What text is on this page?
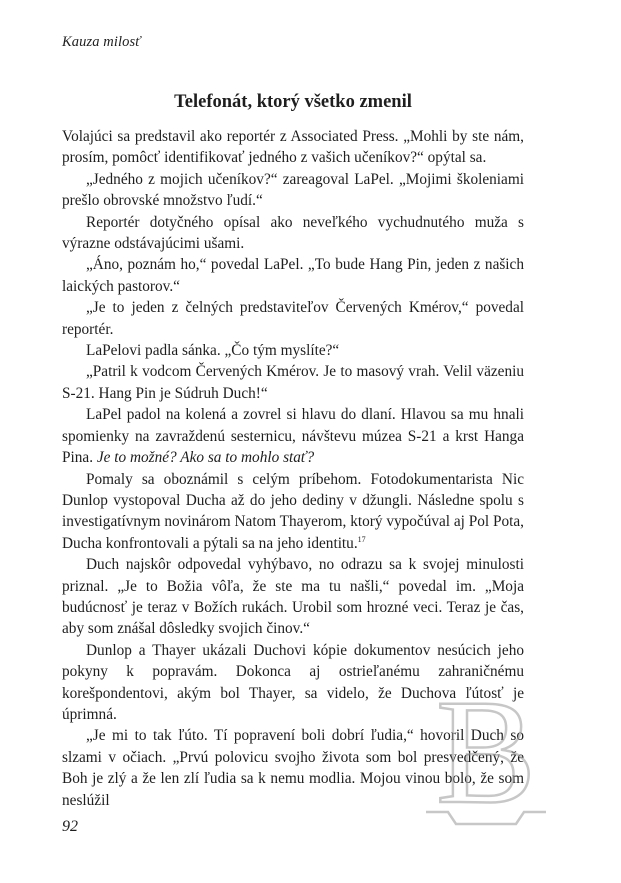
Kauza milosť
Telefonát, ktorý všetko zmenil

Volajúci sa predstavil ako reportér z Associated Press. „Mohli by ste nám, prosím, pomôcť identifikovať jedného z vašich učeníkov?“ opýtal sa.

„Jedného z mojich učeníkov?“ zareagoval LaPel. „Mojimi školeniami prešlo obrovské množstvo ľudí.“

Reportér dotyčného opísal ako neveľkého vychudnutého muža s výrazne odstávajúcimi ušami.

„Áno, poznám ho,“ povedal LaPel. „To bude Hang Pin, jeden z našich laických pastorov.“

„Je to jeden z čelných predstaviteľov Červených Kmérov,“ povedal reportér.

LaPelovi padla sánka. „Čo tým myslíte?“

„Patril k vodcom Červených Kmérov. Je to masový vrah. Velil väzeniu S-21. Hang Pin je Súdruh Duch!“

LaPel padol na kolená a zovrel si hlavu do dlaní. Hlavou sa mu hnali spomienky na zavraždenú sesternicu, návštevu múzea S-21 a krst Hanga Pina. Je to možné? Ako sa to mohlo stať?

Pomaly sa oboznámil s celým príbehom. Fotodokumentarista Nic Dunlop vystopoval Ducha až do jeho dediny v džungli. Následne spolu s investigatívnym novinárom Natom Thayerom, ktorý vypočúval aj Pol Pota, Ducha konfrontovali a pýtali sa na jeho identitu.$^{17}$

Duch najskôr odpovedal vyhýbavo, no odrazu sa k svojej minulosti priznal. „Je to Božia vôľa, že ste ma tu našli,“ povedal im. „Moja budúcnosť je teraz v Božích rukách. Urobil som hrozné veci. Teraz je čas, aby som znášal dôsledky svojich činov.“

Dunlop a Thayer ukázali Duchovi kópie dokumentov nesúcich jeho pokyny k popravám. Dokonca aj ostrieľanému zahraničnému korešpondentovi, akým bol Thayer, sa videlo, že Duchova ľútosť je úprimná.

„Je mi to tak ľúto. Tí popravení boli dobrí ľudia,“ hovoril Duch so slzami v očiach. „Prvú polovicu svojho života som bol presvedčený, že Boh je zlý a že len zlí ľudia sa k nemu modlia. Mojou vinou bolo, že som neslúžil

92 B
